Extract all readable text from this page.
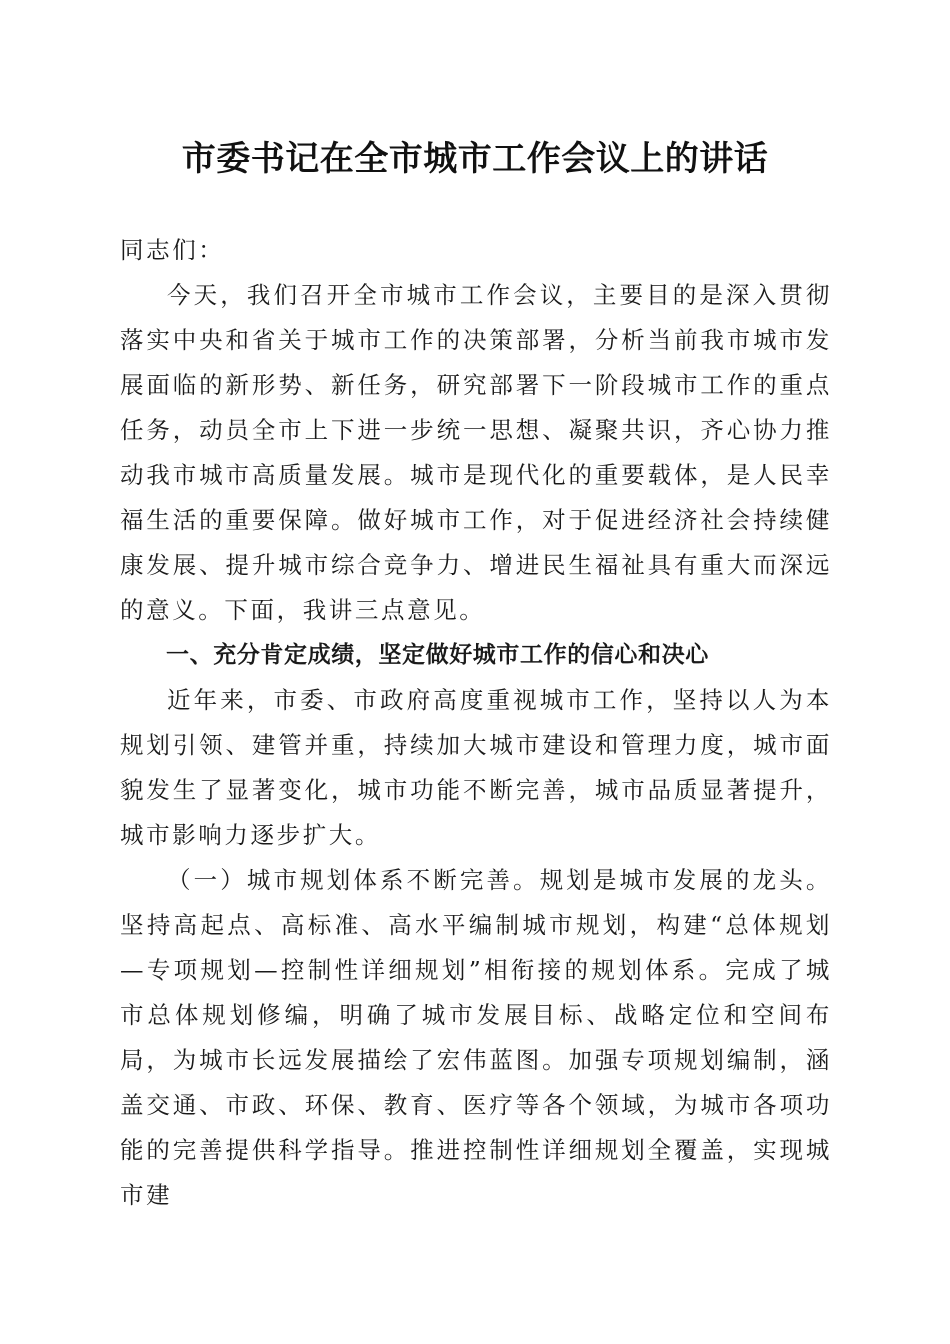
市委书记在全市城市工作会议上的讲话

同志们：

今天，我们召开全市城市工作会议，主要目的是深入贯彻落实中央和省关于城市工作的决策部署，分析当前我市城市发展面临的新形势、新任务，研究部署下一阶段城市工作的重点任务，动员全市上下进一步统一思想、凝聚共识，齐心协力推动我市城市高质量发展。城市是现代化的重要载体，是人民幸福生活的重要保障。做好城市工作，对于促进经济社会持续健康发展、提升城市综合竞争力、增进民生福祉具有重大而深远的意义。下面，我讲三点意见。

一、充分肯定成绩，坚定做好城市工作的信心和决心

近年来，市委、市政府高度重视城市工作，坚持以人为本规划引领、建管并重，持续加大城市建设和管理力度，城市面貌发生了显著变化，城市功能不断完善，城市品质显著提升，城市影响力逐步扩大。

（一）城市规划体系不断完善。规划是城市发展的龙头。坚持高起点、高标准、高水平编制城市规划，构建“总体规划—专项规划—控制性详细规划”相衔接的规划体系。完成了城市总体规划修编，明确了城市发展目标、战略定位和空间布局，为城市长远发展描绘了宏伟蓝图。加强专项规划编制，涵盖交通、市政、环保、教育、医疗等各个领域，为城市各项功能的完善提供科学指导。推进控制性详细规划全覆盖，实现城市建
